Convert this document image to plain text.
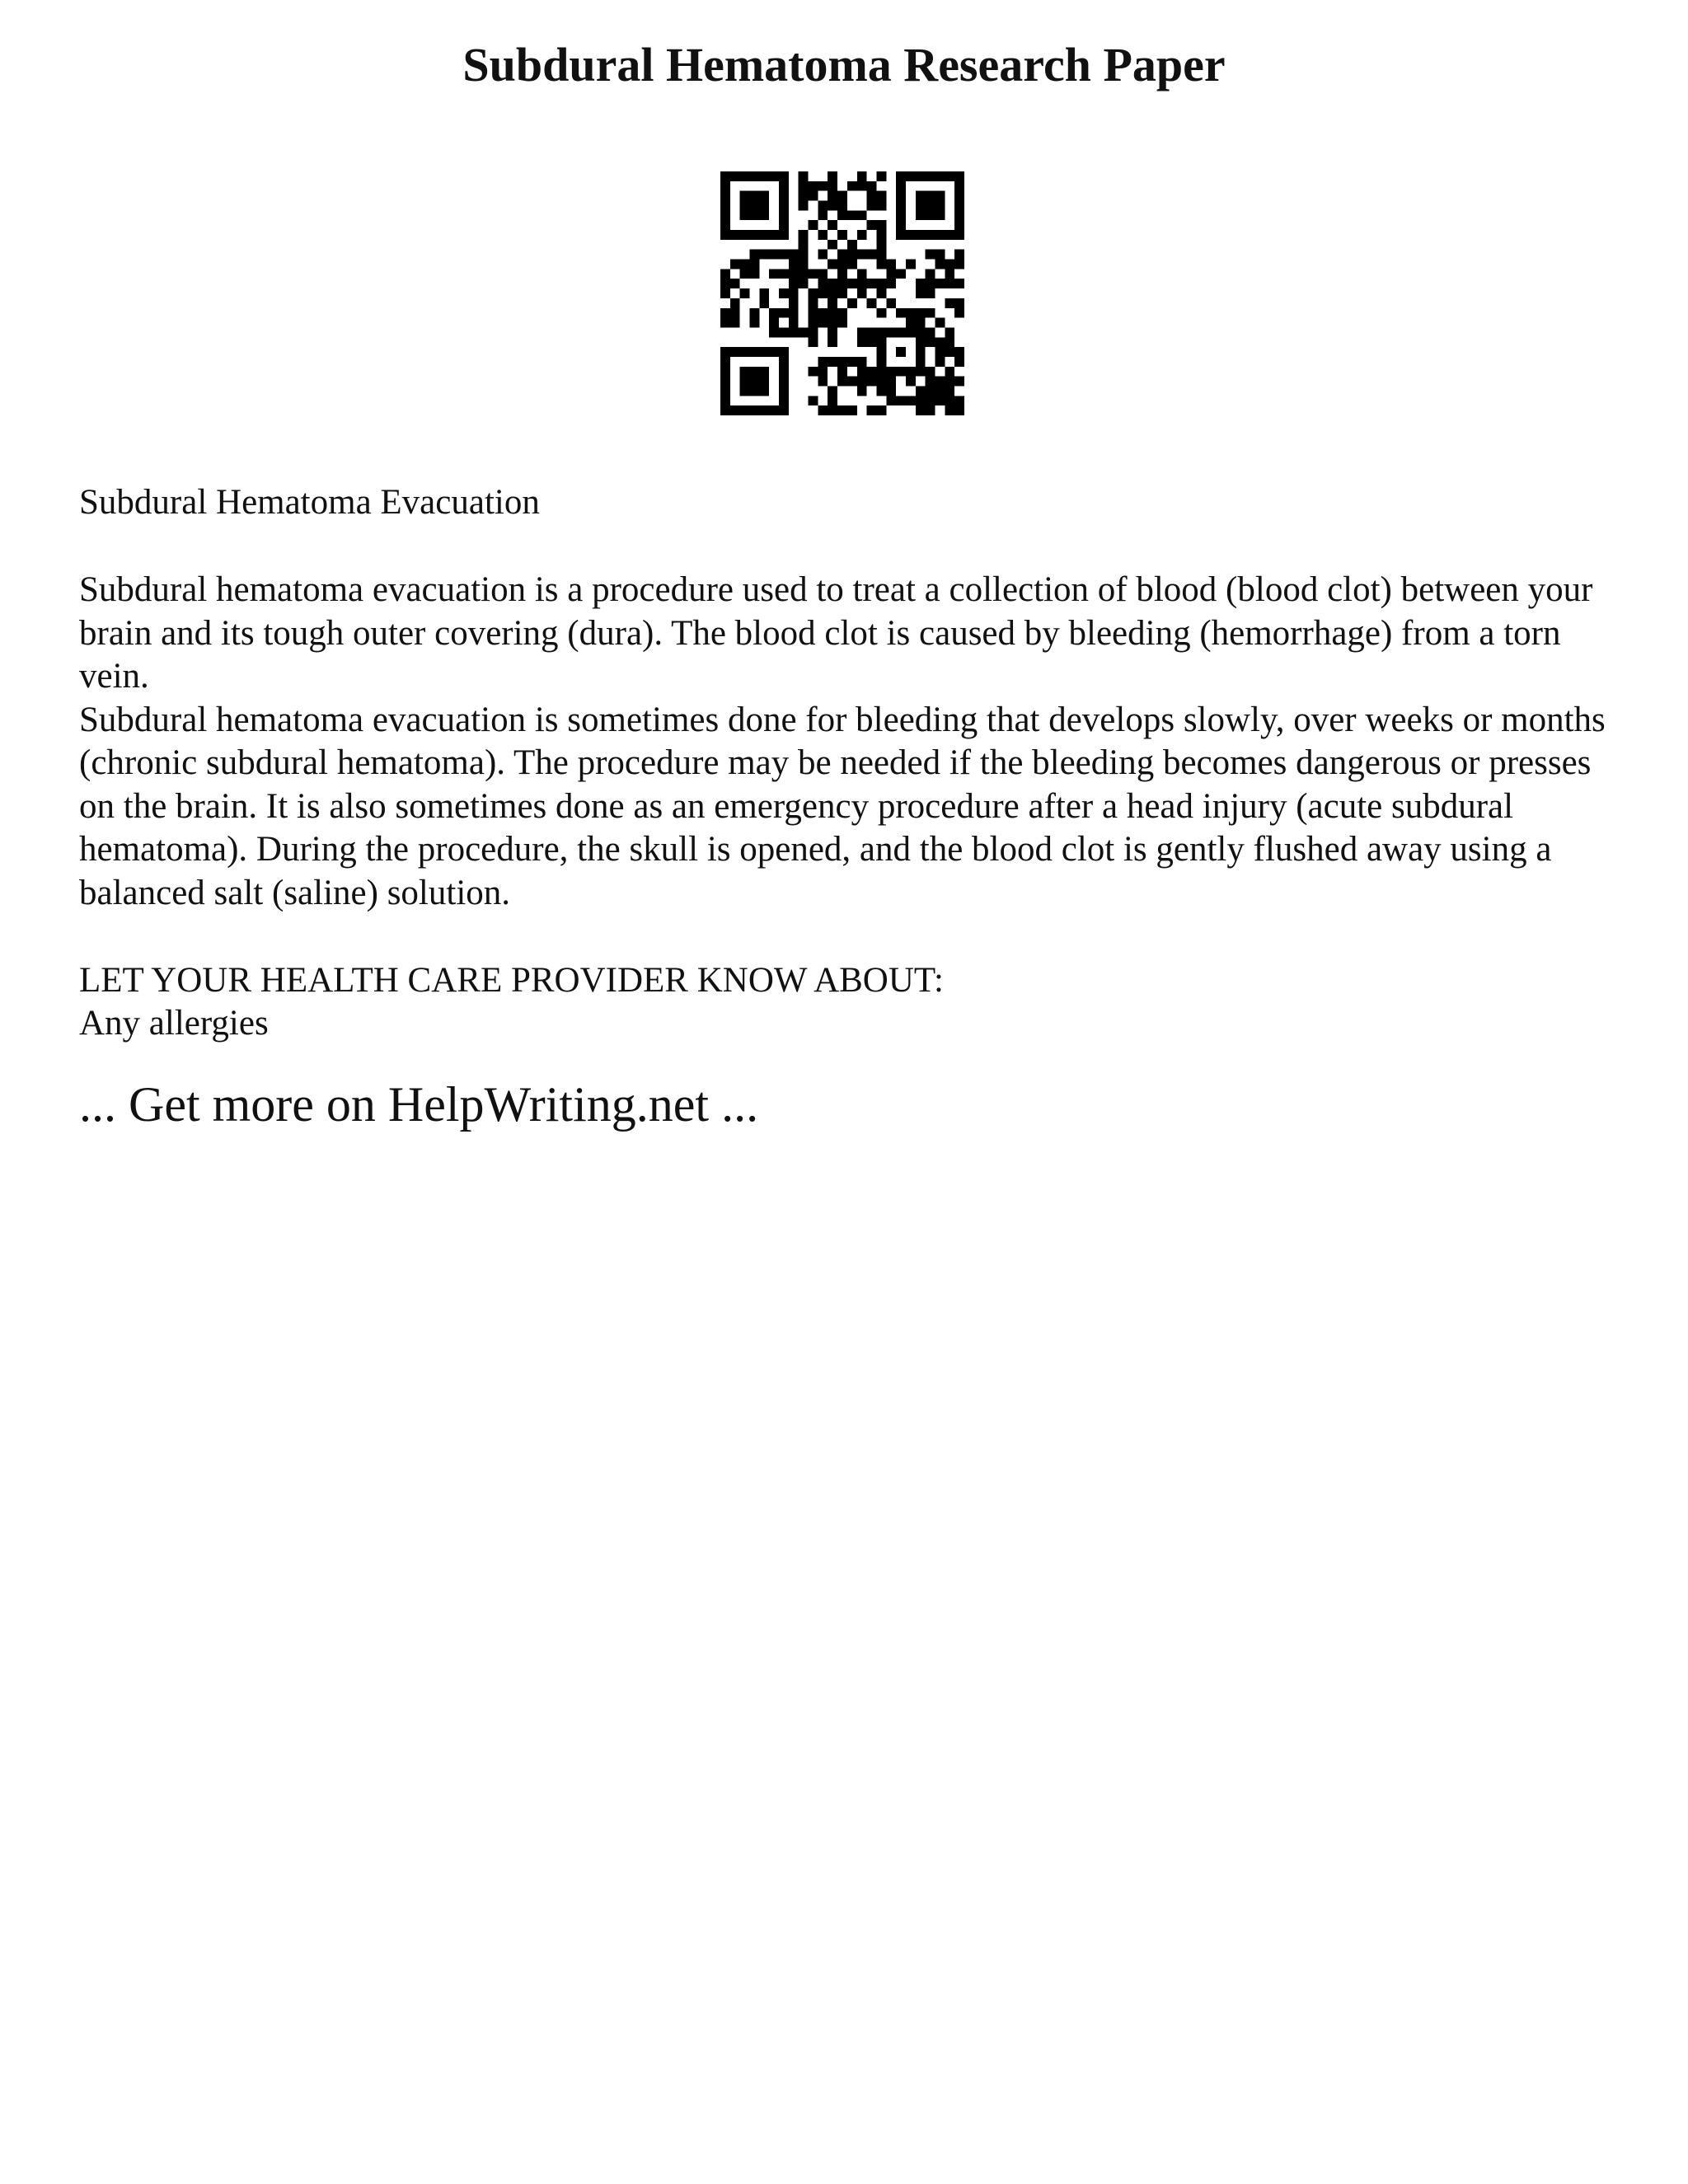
Subdural Hematoma Research Paper

Subdural Hematoma Evacuation

Subdural hematoma evacuation is a procedure used to treat a collection of blood (blood clot) between your brain and its tough outer covering (dura). The blood clot is caused by bleeding (hemorrhage) from a torn vein.

Subdural hematoma evacuation is sometimes done for bleeding that develops slowly, over weeks or months (chronic subdural hematoma). The procedure may be needed if the bleeding becomes dangerous or presses on the brain. It is also sometimes done as an emergency procedure after a head injury (acute subdural hematoma). During the procedure, the skull is opened, and the blood clot is gently flushed away using a balanced salt (saline) solution.

LET YOUR HEALTH CARE PROVIDER KNOW ABOUT:

Any allergies

... Get more on HelpWriting.net ...
